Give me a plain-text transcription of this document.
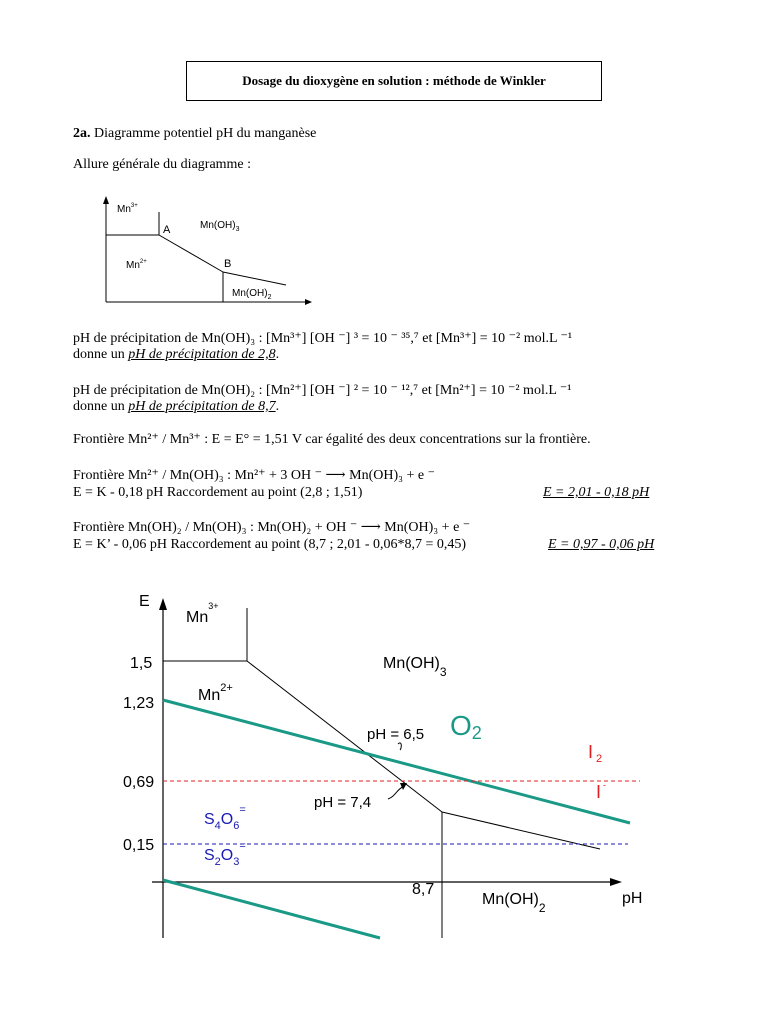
Dosage du dioxygène en solution : méthode de Winkler
2a. Diagramme potentiel pH du manganèse
Allure générale du diagramme :
$Mn^{3+}$
A	$Mn(OH)_3$
$Mn^{2+}$	B
$Mn(OH)_2$
pH de précipitation de Mn(OH)₃ : [Mn³⁺] [OH ⁻] ³ = 10 ⁻ ³⁵,⁷ et [Mn³⁺] = 10 ⁻² mol.L ⁻¹
donne un pH de précipitation de 2,8.
pH de précipitation de Mn(OH)₂ : [Mn²⁺] [OH ⁻] ² = 10 ⁻ ¹²,⁷ et [Mn²⁺] = 10 ⁻² mol.L ⁻¹
donne un pH de précipitation de 8,7.
Frontière Mn²⁺ / Mn³⁺ : E = E° = 1,51 V car égalité des deux concentrations sur la frontière.
Frontière Mn²⁺ / Mn(OH)₃ : Mn²⁺ + 3 OH ⁻ ⟶ Mn(OH)₃ + e ⁻
E = K - 0,18 pH Raccordement au point (2,8 ; 1,51)	E = 2,01 - 0,18 pH
Frontière Mn(OH)₂ / Mn(OH)₃ : Mn(OH)₂ + OH ⁻ ⟶ Mn(OH)₃ + e ⁻
E = K’ - 0,06 pH Raccordement au point (8,7 ; 2,01 - 0,06*8,7 = 0,45)	E = 0,97 - 0,06 pH
E
1,5
1,23
0,69
0,15
8,7
pH
$Mn^{3+}$
$Mn(OH)_3$
$Mn^{2+}$
$Mn(OH)_2$
O2
I $_2$
I -
$S_4O_6^=$
$S_2O_3^=$
pH = 6,5
pH = 7,4
